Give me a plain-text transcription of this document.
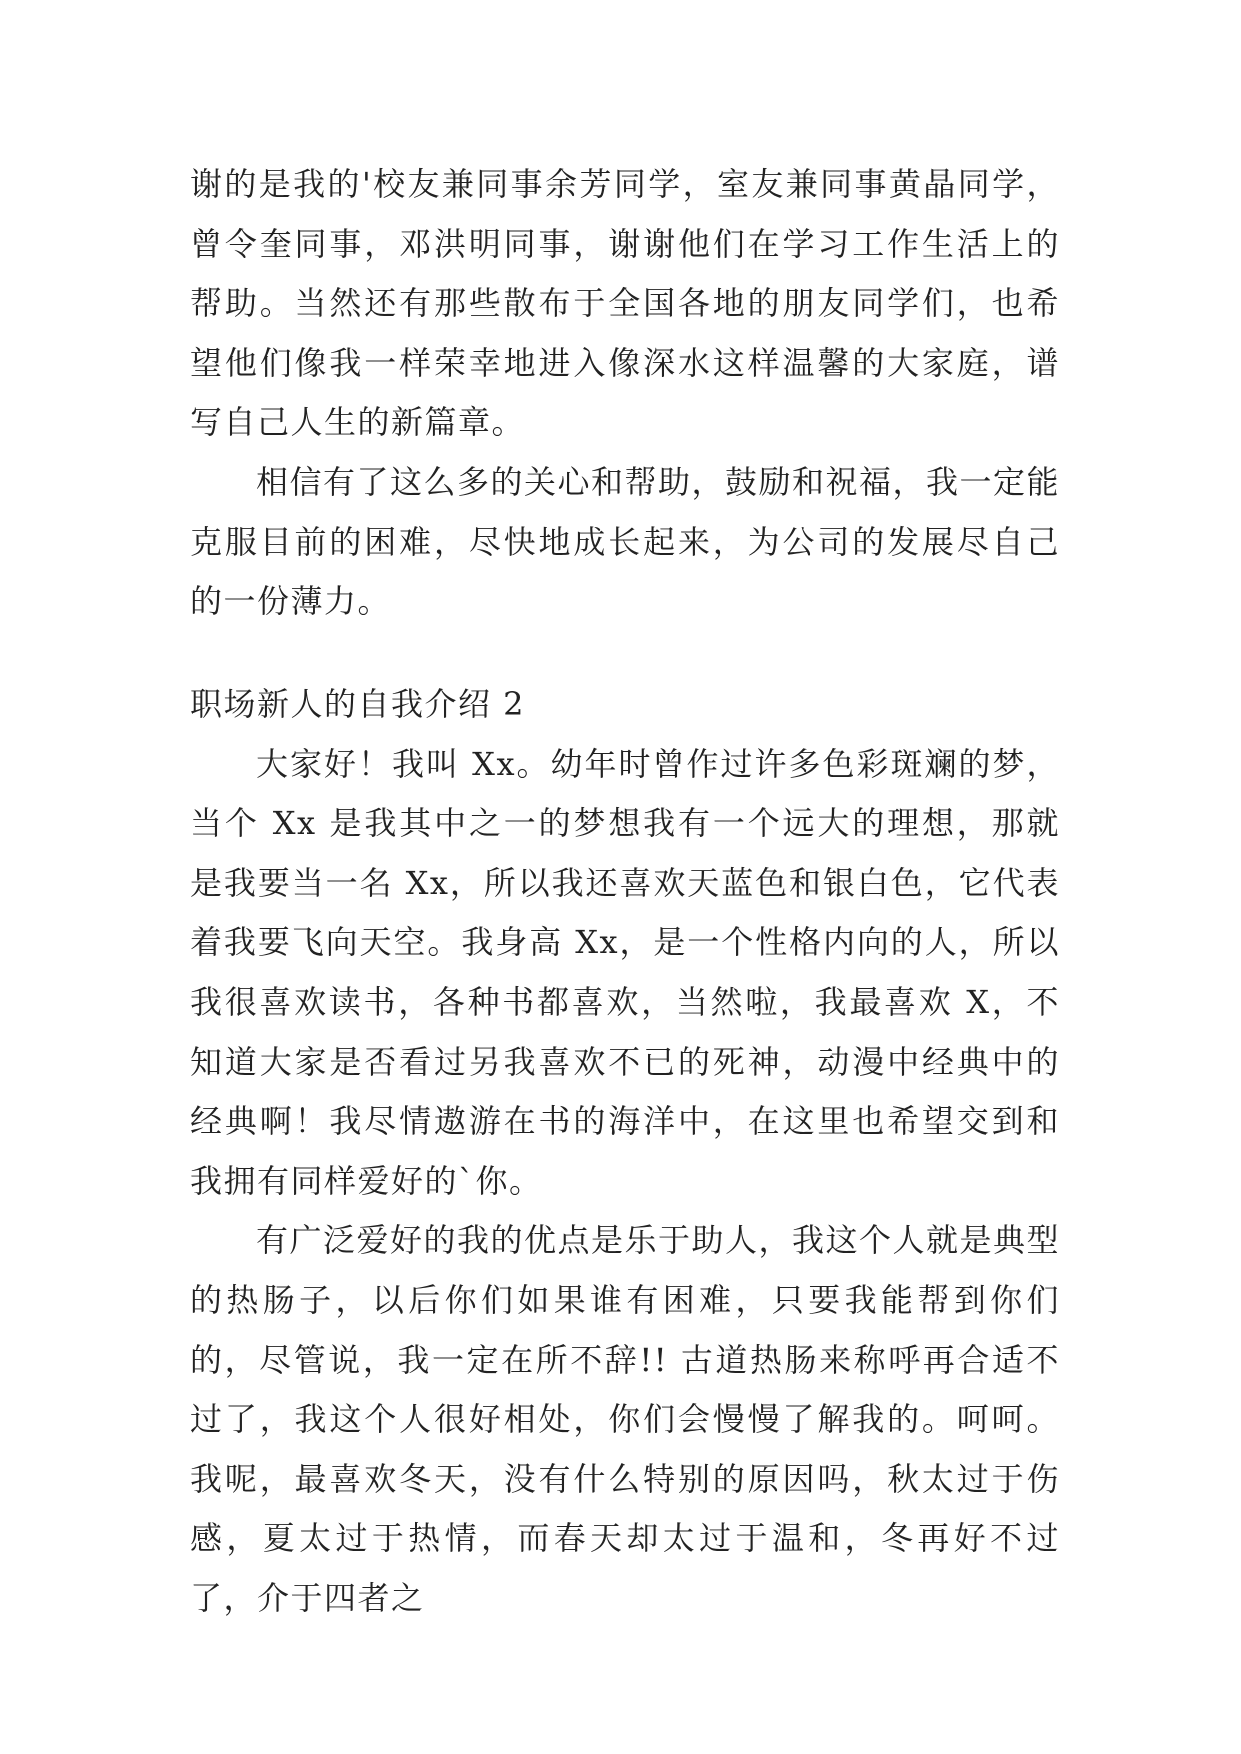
谢的是我的'校友兼同事余芳同学，室友兼同事黄晶同学，曾令奎同事，邓洪明同事，谢谢他们在学习工作生活上的帮助。当然还有那些散布于全国各地的朋友同学们，也希望他们像我一样荣幸地进入像深水这样温馨的大家庭，谱写自己人生的新篇章。

相信有了这么多的关心和帮助，鼓励和祝福，我一定能克服目前的困难，尽快地成长起来，为公司的发展尽自己的一份薄力。

职场新人的自我介绍 2

大家好！我叫 Xx。幼年时曾作过许多色彩斑斓的梦，当个 Xx 是我其中之一的梦想我有一个远大的理想，那就是我要当一名 Xx，所以我还喜欢天蓝色和银白色，它代表着我要飞向天空。我身高 Xx，是一个性格内向的人，所以我很喜欢读书，各种书都喜欢，当然啦，我最喜欢 X，不知道大家是否看过另我喜欢不已的死神，动漫中经典中的经典啊！我尽情遨游在书的海洋中，在这里也希望交到和我拥有同样爱好的`你。

有广泛爱好的我的优点是乐于助人，我这个人就是典型的热肠子，以后你们如果谁有困难，只要我能帮到你们的，尽管说，我一定在所不辞!! 古道热肠来称呼再合适不过了，我这个人很好相处，你们会慢慢了解我的。呵呵。我呢，最喜欢冬天，没有什么特别的原因吗，秋太过于伤感，夏太过于热情，而春天却太过于温和，冬再好不过了，介于四者之
